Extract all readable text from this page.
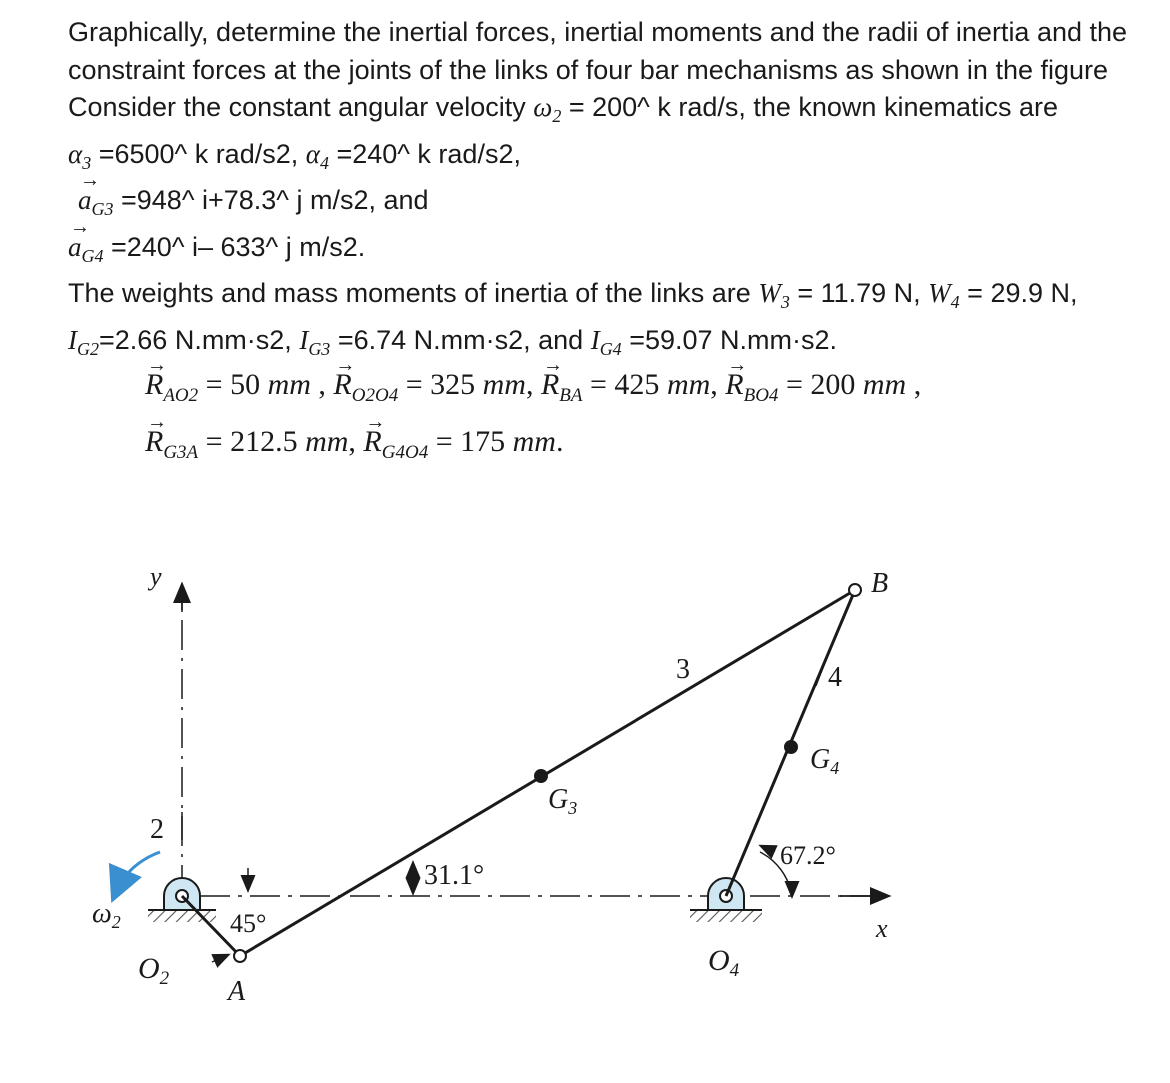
Graphically, determine the inertial forces, inertial moments and the radii of inertia and the constraint forces at the joints of the links of four bar mechanisms as shown in the figure

Consider the constant angular velocity $\omega_2$ = 200^ k rad/s, the known kinematics are

$\alpha_3$ =6500^ k rad/s2, $\alpha_4$ =240^ k rad/s2,

→ $a_{G3}$ =948^ i+78.3^ j m/s2, and

→ $a_{G4}$ =240^ i– 633^ j m/s2.

The weights and mass moments of inertia of the links are $W_3 = 11.79$ N, $W_4 = 29.9$ N, $I_{G2}=2.66$ N.mm·s2, $I_{G3} =6.74$ N.mm·s2, and $I_{G4} =59.07$ N.mm·s2.

→ $R_{AO2} = 50$ mm , → $R_{O2O4} = 325$ mm, → $R_{BA} = 425$ mm, → $R_{BO4} = 200$ mm ,
→ $R_{G3A} = 212.5$ mm, → $R_{G4O4} = 175$ mm.
y
x
$\omega_2$
2
3	4
$O_2$
$O_4$
A
B
$G_3$
$G_4$
45°
31.1°
67.2°
